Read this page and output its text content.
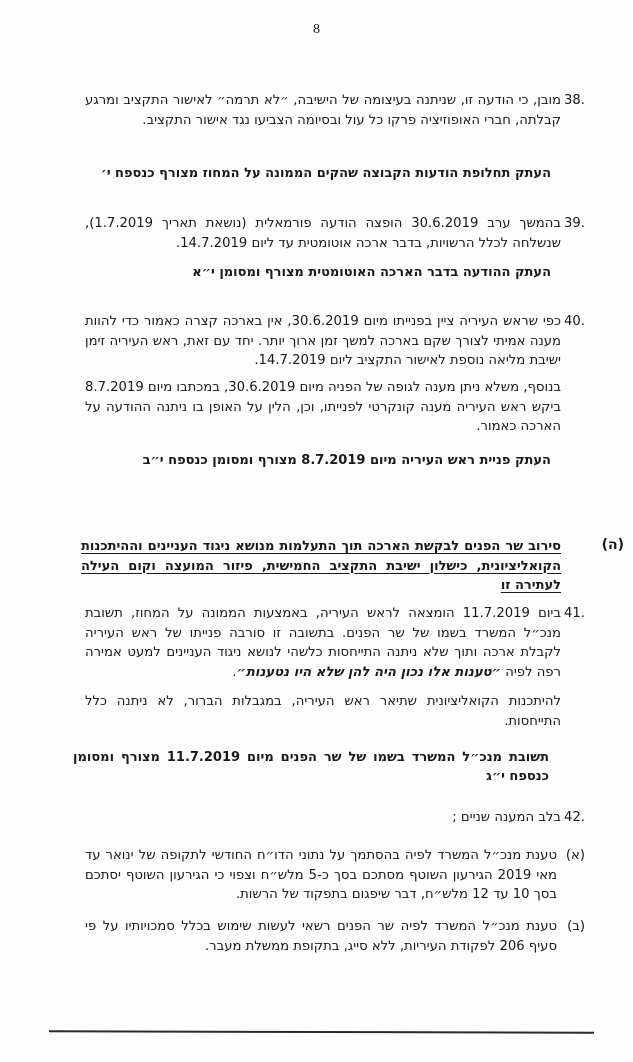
8
.38
מובן, כי הודעה זו, שניתנה בעיצומה של הישיבה, ״לא תרמה״ לאישור התקציב ומרגע קבלתה, חברי האופוזיציה פרקו כל עול ובסיומה הצביעו נגד אישור התקציב.
העתק תחלופת הודעות הקבוצה שהקים הממונה על המחוז מצורף כנספח י׳
.39
בהמשך ערב 30.6.2019 הופצה הודעה פורמאלית (נושאת תאריך 1.7.2019), שנשלחה לכלל הרשויות, בדבר ארכה אוטומטית עד ליום 14.7.2019.
העתק ההודעה בדבר הארכה האוטומטית מצורף ומסומן י״א
.40
כפי שראש העיריה ציין בפנייתו מיום 30.6.2019, אין בארכה קצרה כאמור כדי להוות מענה אמיתי לצורך שקם בארכה למשך זמן ארוך יותר. יחד עם זאת, ראש העיריה זימן ישיבת מליאה נוספת לאישור התקציב ליום 14.7.2019.
בנוסף, משלא ניתן מענה לגופה של הפניה מיום 30.6.2019, במכתבו מיום 8.7.2019 ביקש ראש העיריה מענה קונקרטי לפנייתו, וכן, הלין על האופן בו ניתנה ההודעה על הארכה כאמור.
העתק פניית ראש העיריה מיום 8.7.2019 מצורף ומסומן כנספח י״ב
(ה)
סירוב שר הפנים לבקשת הארכה תוך התעלמות מנושא ניגוד העניינים וההיתכנות הקואליציונית, כישלון ישיבת התקציב החמישית, פיזור המועצה וקום העילה לעתירה זו
.41
ביום 11.7.2019 הומצאה לראש העיריה, באמצעות הממונה על המחוז, תשובת מנכ״ל המשרד בשמו של שר הפנים. בתשובה זו סורבה פנייתו של ראש העיריה לקבלת ארכה ותוך שלא ניתנה התייחסות כלשהי לנושא ניגוד העניינים למעט אמירה רפה לפיה ״טענות אלו נכון היה להן שלא היו נטענות״.
להיתכנות הקואליציונית שתיאר ראש העיריה, במגבלות הברור, לא ניתנה כלל התייחסות.
תשובת מנכ״ל המשרד בשמו של שר הפנים מיום 11.7.2019 מצורף ומסומן כנספח י״ג
.42
בלב המענה שניים ;
(א)
טענת מנכ״ל המשרד לפיה בהסתמך על נתוני הדו״ח החודשי לתקופה של ינואר עד מאי 2019 הגירעון השוטף מסתכם בסך כ-5 מלש״ח וצפוי כי הגירעון השוטף יסתכם בסך 10 עד 12 מלש״ח, דבר שיפגום בתפקוד של הרשות.
(ב)
טענת מנכ״ל המשרד לפיה שר הפנים רשאי לעשות שימוש בכלל סמכויותיו על פי סעיף 206 לפקודת העיריות, ללא סייג, בתקופת ממשלת מעבר.
